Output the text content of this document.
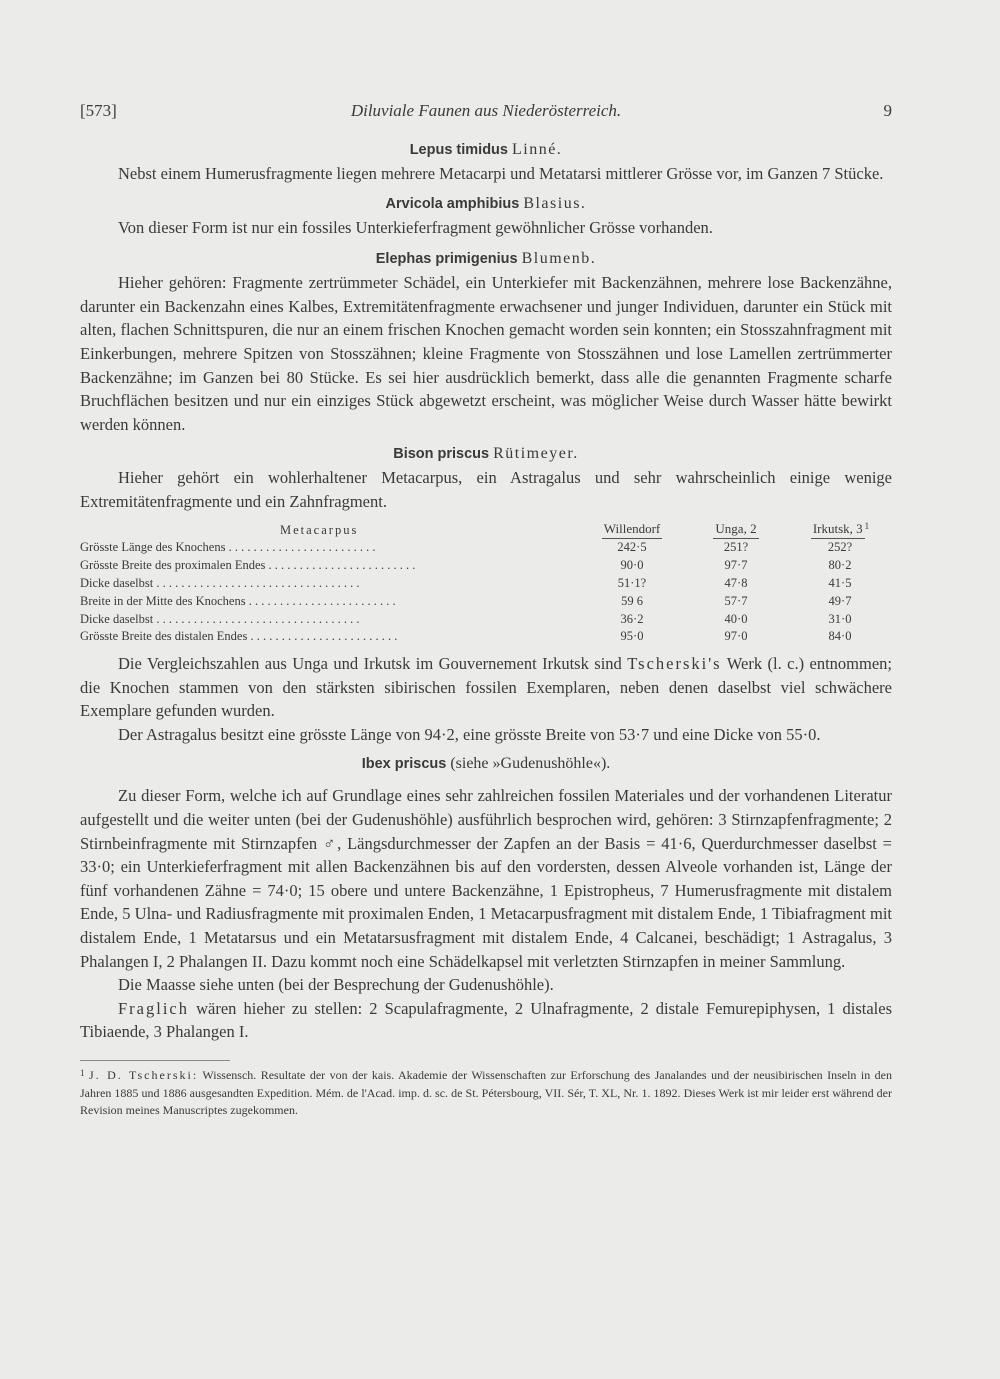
[573]	Diluviale Faunen aus Niederösterreich.	9
Lepus timidus Linné.

Nebst einem Humerusfragmente liegen mehrere Metacarpi und Metatarsi mittlerer Grösse vor, im Ganzen 7 Stücke.

Arvicola amphibius Blasius.

Von dieser Form ist nur ein fossiles Unterkieferfragment gewöhnlicher Grösse vorhanden.

Elephas primigenius Blumenb.

Hieher gehören: Fragmente zertrümmeter Schädel, ein Unterkiefer mit Backenzähnen, mehrere lose Backenzähne, darunter ein Backenzahn eines Kalbes, Extremitätenfragmente erwachsener und junger Individuen, darunter ein Stück mit alten, flachen Schnittspuren, die nur an einem frischen Knochen gemacht worden sein konnten; ein Stosszahnfragment mit Einkerbungen, mehrere Spitzen von Stosszähnen; kleine Fragmente von Stosszähnen und lose Lamellen zertrümmerter Backenzähne; im Ganzen bei 80 Stücke. Es sei hier ausdrücklich bemerkt, dass alle die genannten Fragmente scharfe Bruchflächen besitzen und nur ein einziges Stück abgewetzt erscheint, was möglicher Weise durch Wasser hätte bewirkt werden können.

Bison priscus Rütimeyer.

Hieher gehört ein wohlerhaltener Metacarpus, ein Astragalus und sehr wahrscheinlich einige wenige Extremitätenfragmente und ein Zahnfragment.

Metacarpus	Willendorf	Unga, 2	Irkutsk, 3 $^1$
Grösste Länge des Knochens . . . . . . . . . . . . . . . . . . . . . . . .	242·5	251?	252?
Grösste Breite des proximalen Endes . . . . . . . . . . . . . . . . . . . . . . . .	90·0	97·7	80·2
Dicke daselbst . . . . . . . . . . . . . . . . . . . . . . . . . . . . . . . . .	51·1?	47·8	41·5
Breite in der Mitte des Knochens . . . . . . . . . . . . . . . . . . . . . . . .	59 6	57·7	49·7
Dicke daselbst . . . . . . . . . . . . . . . . . . . . . . . . . . . . . . . . .	36·2	40·0	31·0
Grösste Breite des distalen Endes . . . . . . . . . . . . . . . . . . . . . . . .	95·0	97·0	84·0

Die Vergleichszahlen aus Unga und Irkutsk im Gouvernement Irkutsk sind Tscherski's Werk (l. c.) entnommen; die Knochen stammen von den stärksten sibirischen fossilen Exemplaren, neben denen daselbst viel schwächere Exemplare gefunden wurden.

Der Astragalus besitzt eine grösste Länge von 94·2, eine grösste Breite von 53·7 und eine Dicke von 55·0.

Ibex priscus (siehe »Gudenushöhle«).

Zu dieser Form, welche ich auf Grundlage eines sehr zahlreichen fossilen Materiales und der vorhandenen Literatur aufgestellt und die weiter unten (bei der Gudenushöhle) ausführlich besprochen wird, gehören: 3 Stirnzapfenfragmente; 2 Stirnbeinfragmente mit Stirnzapfen ♂, Längsdurchmesser der Zapfen an der Basis = 41·6, Querdurchmesser daselbst = 33·0; ein Unterkieferfragment mit allen Backenzähnen bis auf den vordersten, dessen Alveole vorhanden ist, Länge der fünf vorhandenen Zähne = 74·0; 15 obere und untere Backenzähne, 1 Epistropheus, 7 Humerusfragmente mit distalem Ende, 5 Ulna- und Radiusfragmente mit proximalen Enden, 1 Metacarpusfragment mit distalem Ende, 1 Tibiafragment mit distalem Ende, 1 Metatarsus und ein Metatarsusfragment mit distalem Ende, 4 Calcanei, beschädigt; 1 Astragalus, 3 Phalangen I, 2 Phalangen II. Dazu kommt noch eine Schädelkapsel mit verletzten Stirnzapfen in meiner Sammlung.

Die Maasse siehe unten (bei der Besprechung der Gudenushöhle).

Fraglich wären hieher zu stellen: 2 Scapulafragmente, 2 Ulnafragmente, 2 distale Femurepiphysen, 1 distales Tibiaende, 3 Phalangen I.

$^1$ J. D. Tscherski: Wissensch. Resultate der von der kais. Akademie der Wissenschaften zur Erforschung des Janalandes und der neusibirischen Inseln in den Jahren 1885 und 1886 ausgesandten Expedition. Mém. de l'Acad. imp. d. sc. de St. Pétersbourg, VII. Sér, T. XL, Nr. 1. 1892. Dieses Werk ist mir leider erst während der Revision meines Manuscriptes zugekommen.
